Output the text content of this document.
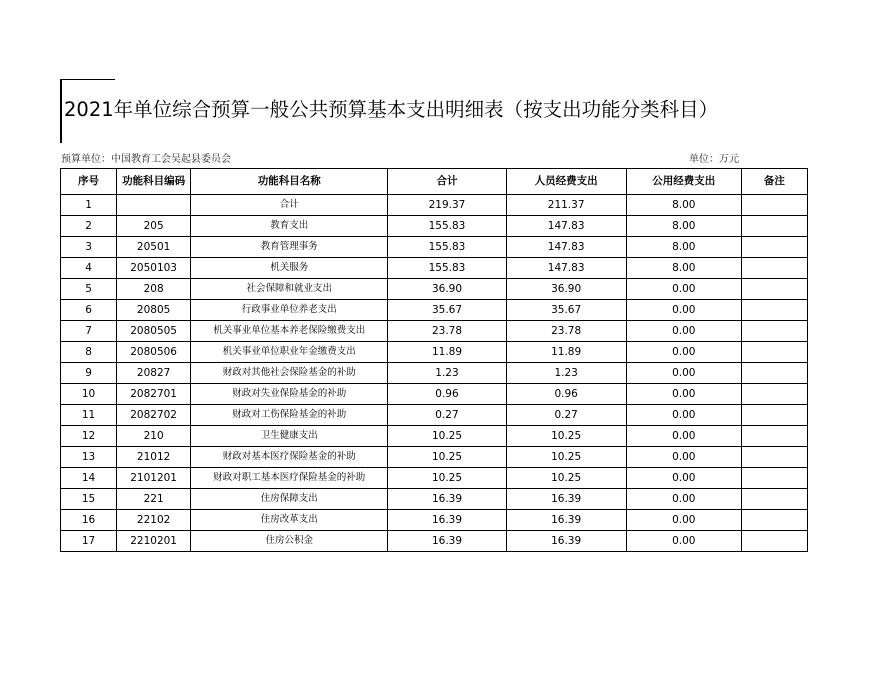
2021年单位综合预算一般公共预算基本支出明细表（按支出功能分类科目）
预算单位：中国教育工会吴起县委员会	单位：万元
序号	功能科目编码	功能科目名称	合计	人员经费支出	公用经费支出	备注
1		合计	219.37	211.37	8.00	
2	205	教育支出	155.83	147.83	8.00	
3	20501	教育管理事务	155.83	147.83	8.00	
4	2050103	机关服务	155.83	147.83	8.00	
5	208	社会保障和就业支出	36.90	36.90	0.00	
6	20805	行政事业单位养老支出	35.67	35.67	0.00	
7	2080505	机关事业单位基本养老保险缴费支出	23.78	23.78	0.00	
8	2080506	机关事业单位职业年金缴费支出	11.89	11.89	0.00	
9	20827	财政对其他社会保险基金的补助	1.23	1.23	0.00	
10	2082701	财政对失业保险基金的补助	0.96	0.96	0.00	
11	2082702	财政对工伤保险基金的补助	0.27	0.27	0.00	
12	210	卫生健康支出	10.25	10.25	0.00	
13	21012	财政对基本医疗保险基金的补助	10.25	10.25	0.00	
14	2101201	财政对职工基本医疗保险基金的补助	10.25	10.25	0.00	
15	221	住房保障支出	16.39	16.39	0.00	
16	22102	住房改革支出	16.39	16.39	0.00	
17	2210201	住房公积金	16.39	16.39	0.00	
